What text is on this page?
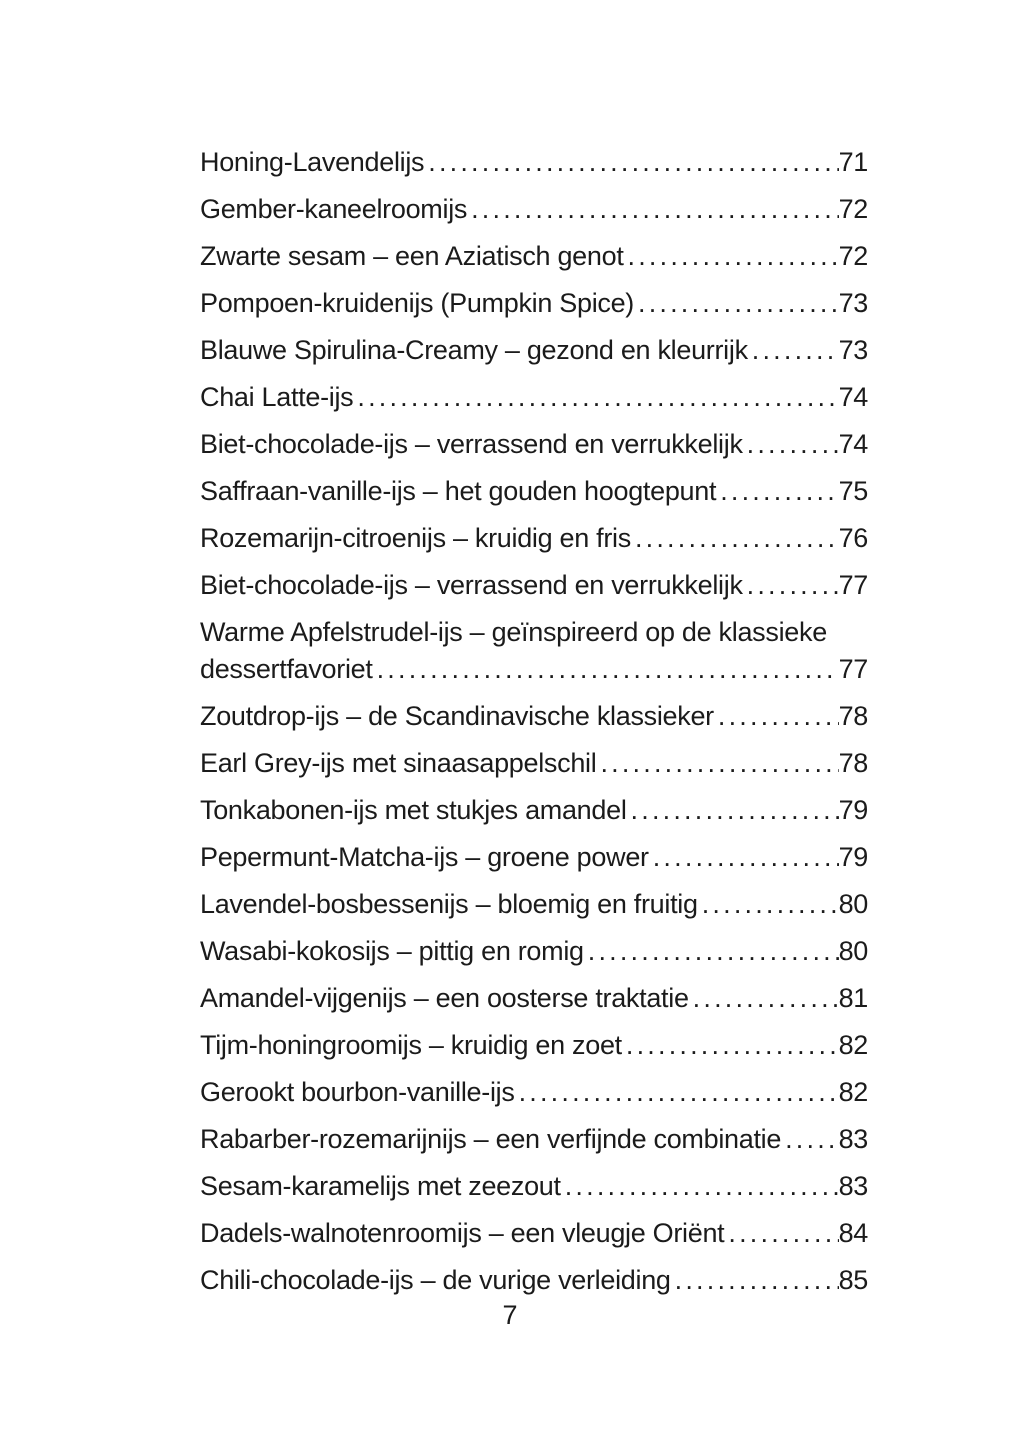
Honing-Lavendelijs .....	71
Gember-kaneelroomijs .....	72
Zwarte sesam – een Aziatisch genot .....	72
Pompoen-kruidenijs (Pumpkin Spice) .....	73
Blauwe Spirulina-Creamy – gezond en kleurrijk .....	73
Chai Latte-ijs .....	74
Biet-chocolade-ijs – verrassend en verrukkelijk .....	74
Saffraan-vanille-ijs – het gouden hoogtepunt .....	75
Rozemarijn-citroenijs – kruidig en fris .....	76
Biet-chocolade-ijs – verrassend en verrukkelijk .....	77
Warme Apfelstrudel-ijs – geïnspireerd op de klassieke
dessertfavoriet .....	77
Zoutdrop-ijs – de Scandinavische klassieker .....	78
Earl Grey-ijs met sinaasappelschil .....	78
Tonkabonen-ijs met stukjes amandel .....	79
Pepermunt-Matcha-ijs – groene power .....	79
Lavendel-bosbessenijs – bloemig en fruitig .....	80
Wasabi-kokosijs – pittig en romig .....	80
Amandel-vijgenijs – een oosterse traktatie .....	81
Tijm-honingroomijs – kruidig en zoet .....	82
Gerookt bourbon-vanille-ijs .....	82
Rabarber-rozemarijnijs – een verfijnde combinatie ..... 83
Sesam-karamelijs met zeezout .....	83
Dadels-walnotenroomijs – een vleugje Oriënt .....	84
Chili-chocolade-ijs – de vurige verleiding .....	85
7
